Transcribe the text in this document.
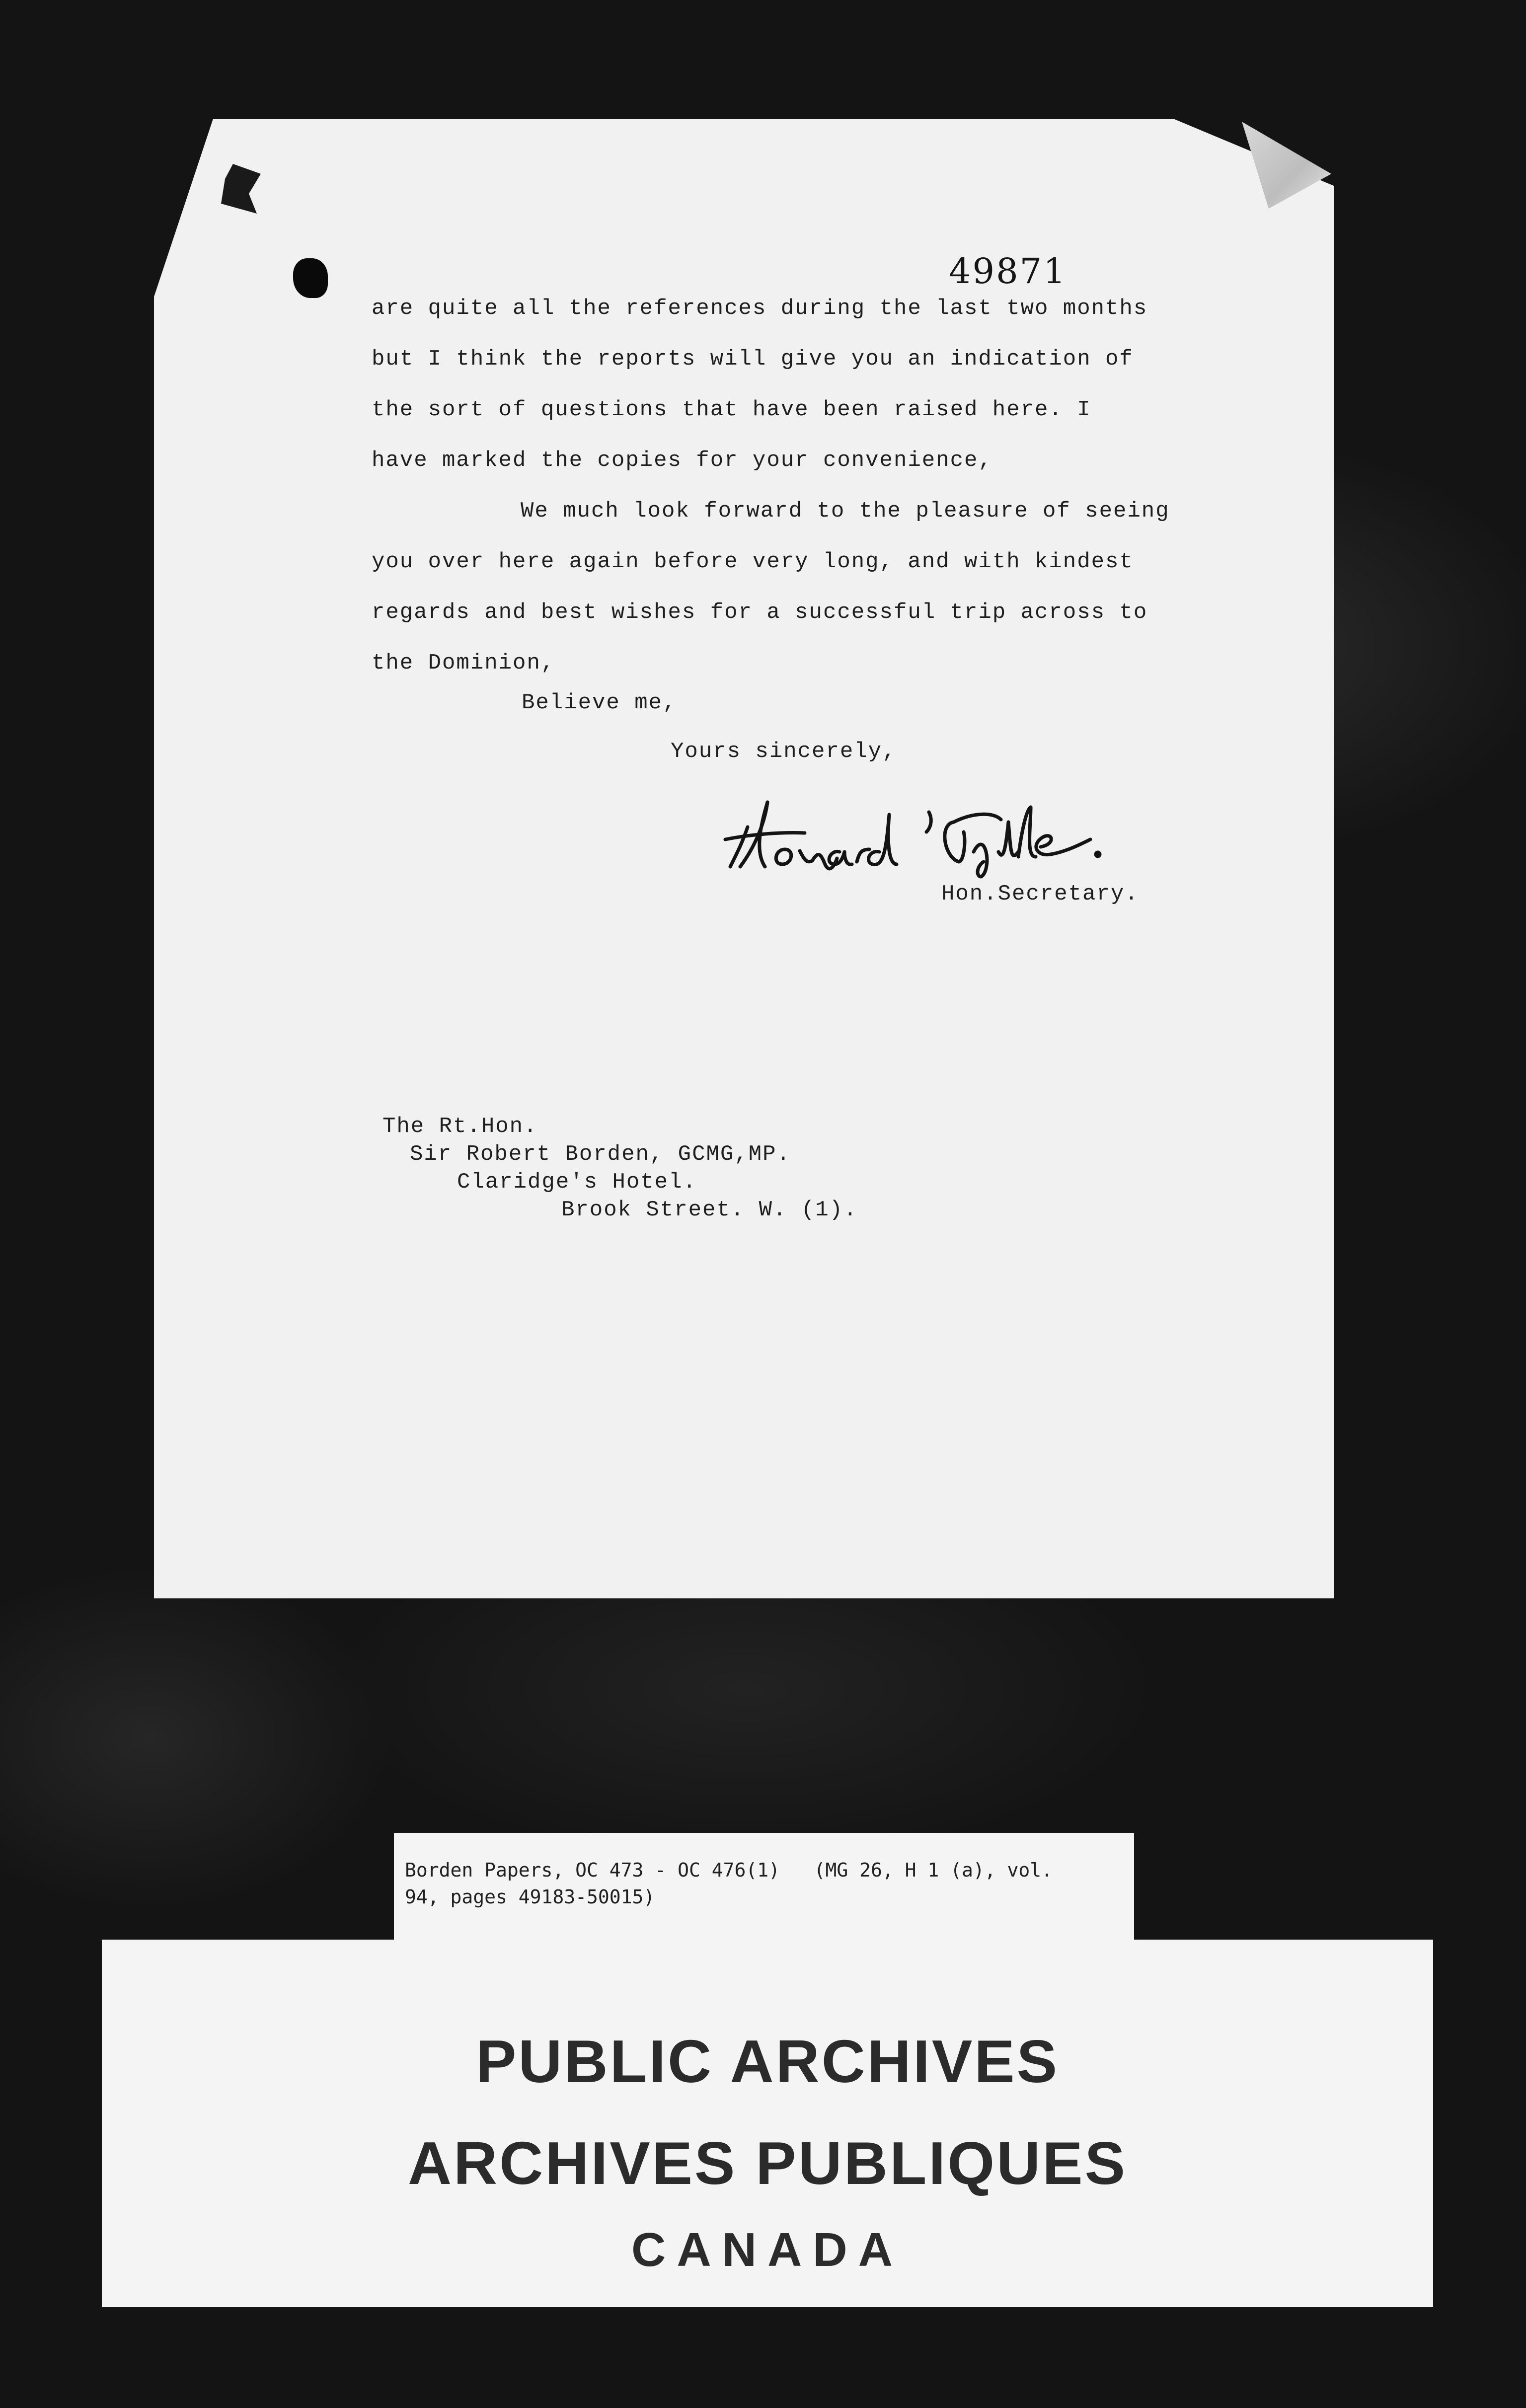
49871
are quite all the references during the last two months
but I think the reports will give you an indication of
the sort of questions that have been raised here. I
have marked the copies for your convenience,
We much look forward to the pleasure of seeing
you over here again before very long, and with kindest
regards and best wishes for a successful trip across to
the Dominion,
Believe me,
Yours sincerely,
Hon.Secretary.
The Rt.Hon.
Sir Robert Borden, GCMG,MP.
Claridge's Hotel.
Brook Street. W. (1).
Borden Papers, OC 473 - OC 476(1)   (MG 26, H 1 (a), vol.
94, pages 49183-50015)
PUBLIC ARCHIVES
ARCHIVES PUBLIQUES
CANADA
